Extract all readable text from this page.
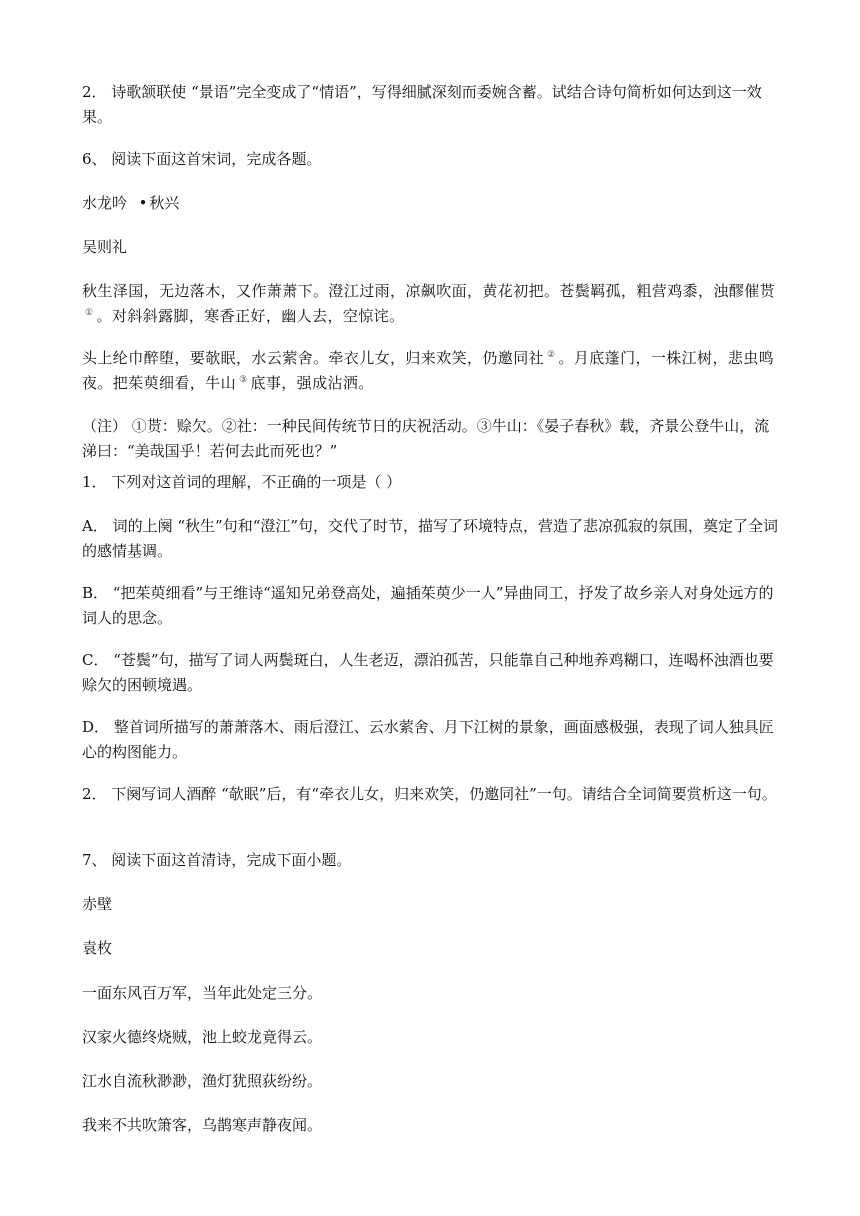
2． 诗歌颔联使 “景语”完全变成了“情语”，写得细腻深刻而委婉含蓄。试结合诗句简析如何达到这一效果。

6、 阅读下面这首宋词，完成各题。

水龙吟 • 秋兴

吴则礼

秋生泽国，无边落木，又作萧萧下。澄江过雨，凉飙吹面，黄花初把。苍鬓羁孤，粗营鸡黍，浊醪催贳① 。对斜斜露脚，寒香正好，幽人去，空惊诧。

头上纶巾醉堕，要欹眠，水云萦舍。牵衣儿女，归来欢笑，仍邀同社 ② 。月底蓬门，一株江树，悲虫鸣夜。把茱萸细看，牛山 ③ 底事，强成沾洒。

（注） ①贳：赊欠。②社：一种民间传统节日的庆祝活动。③牛山：《晏子春秋》载，齐景公登牛山，流涕曰：“美哉国乎！若何去此而死也？”

1． 下列对这首词的理解，不正确的一项是（ ）

A． 词的上阕 “秋生”句和“澄江”句，交代了时节，描写了环境特点，营造了悲凉孤寂的氛围，奠定了全词的感情基调。

B． “把茱萸细看”与王维诗“遥知兄弟登高处，遍插茱萸少一人”异曲同工，抒发了故乡亲人对身处远方的词人的思念。

C． “苍鬓”句，描写了词人两鬓斑白，人生老迈，漂泊孤苦，只能靠自己种地养鸡糊口，连喝杯浊酒也要赊欠的困顿境遇。

D． 整首词所描写的萧萧落木、雨后澄江、云水萦舍、月下江树的景象，画面感极强，表现了词人独具匠心的构图能力。

2． 下阕写词人酒醉 “欹眠”后，有“牵衣儿女，归来欢笑，仍邀同社”一句。请结合全词简要赏析这一句。

7、 阅读下面这首清诗，完成下面小题。

赤壁

袁枚

一面东风百万军，当年此处定三分。

汉家火德终烧贼，池上蛟龙竟得云。

江水自流秋渺渺，渔灯犹照荻纷纷。

我来不共吹箫客，乌鹊寒声静夜闻。
